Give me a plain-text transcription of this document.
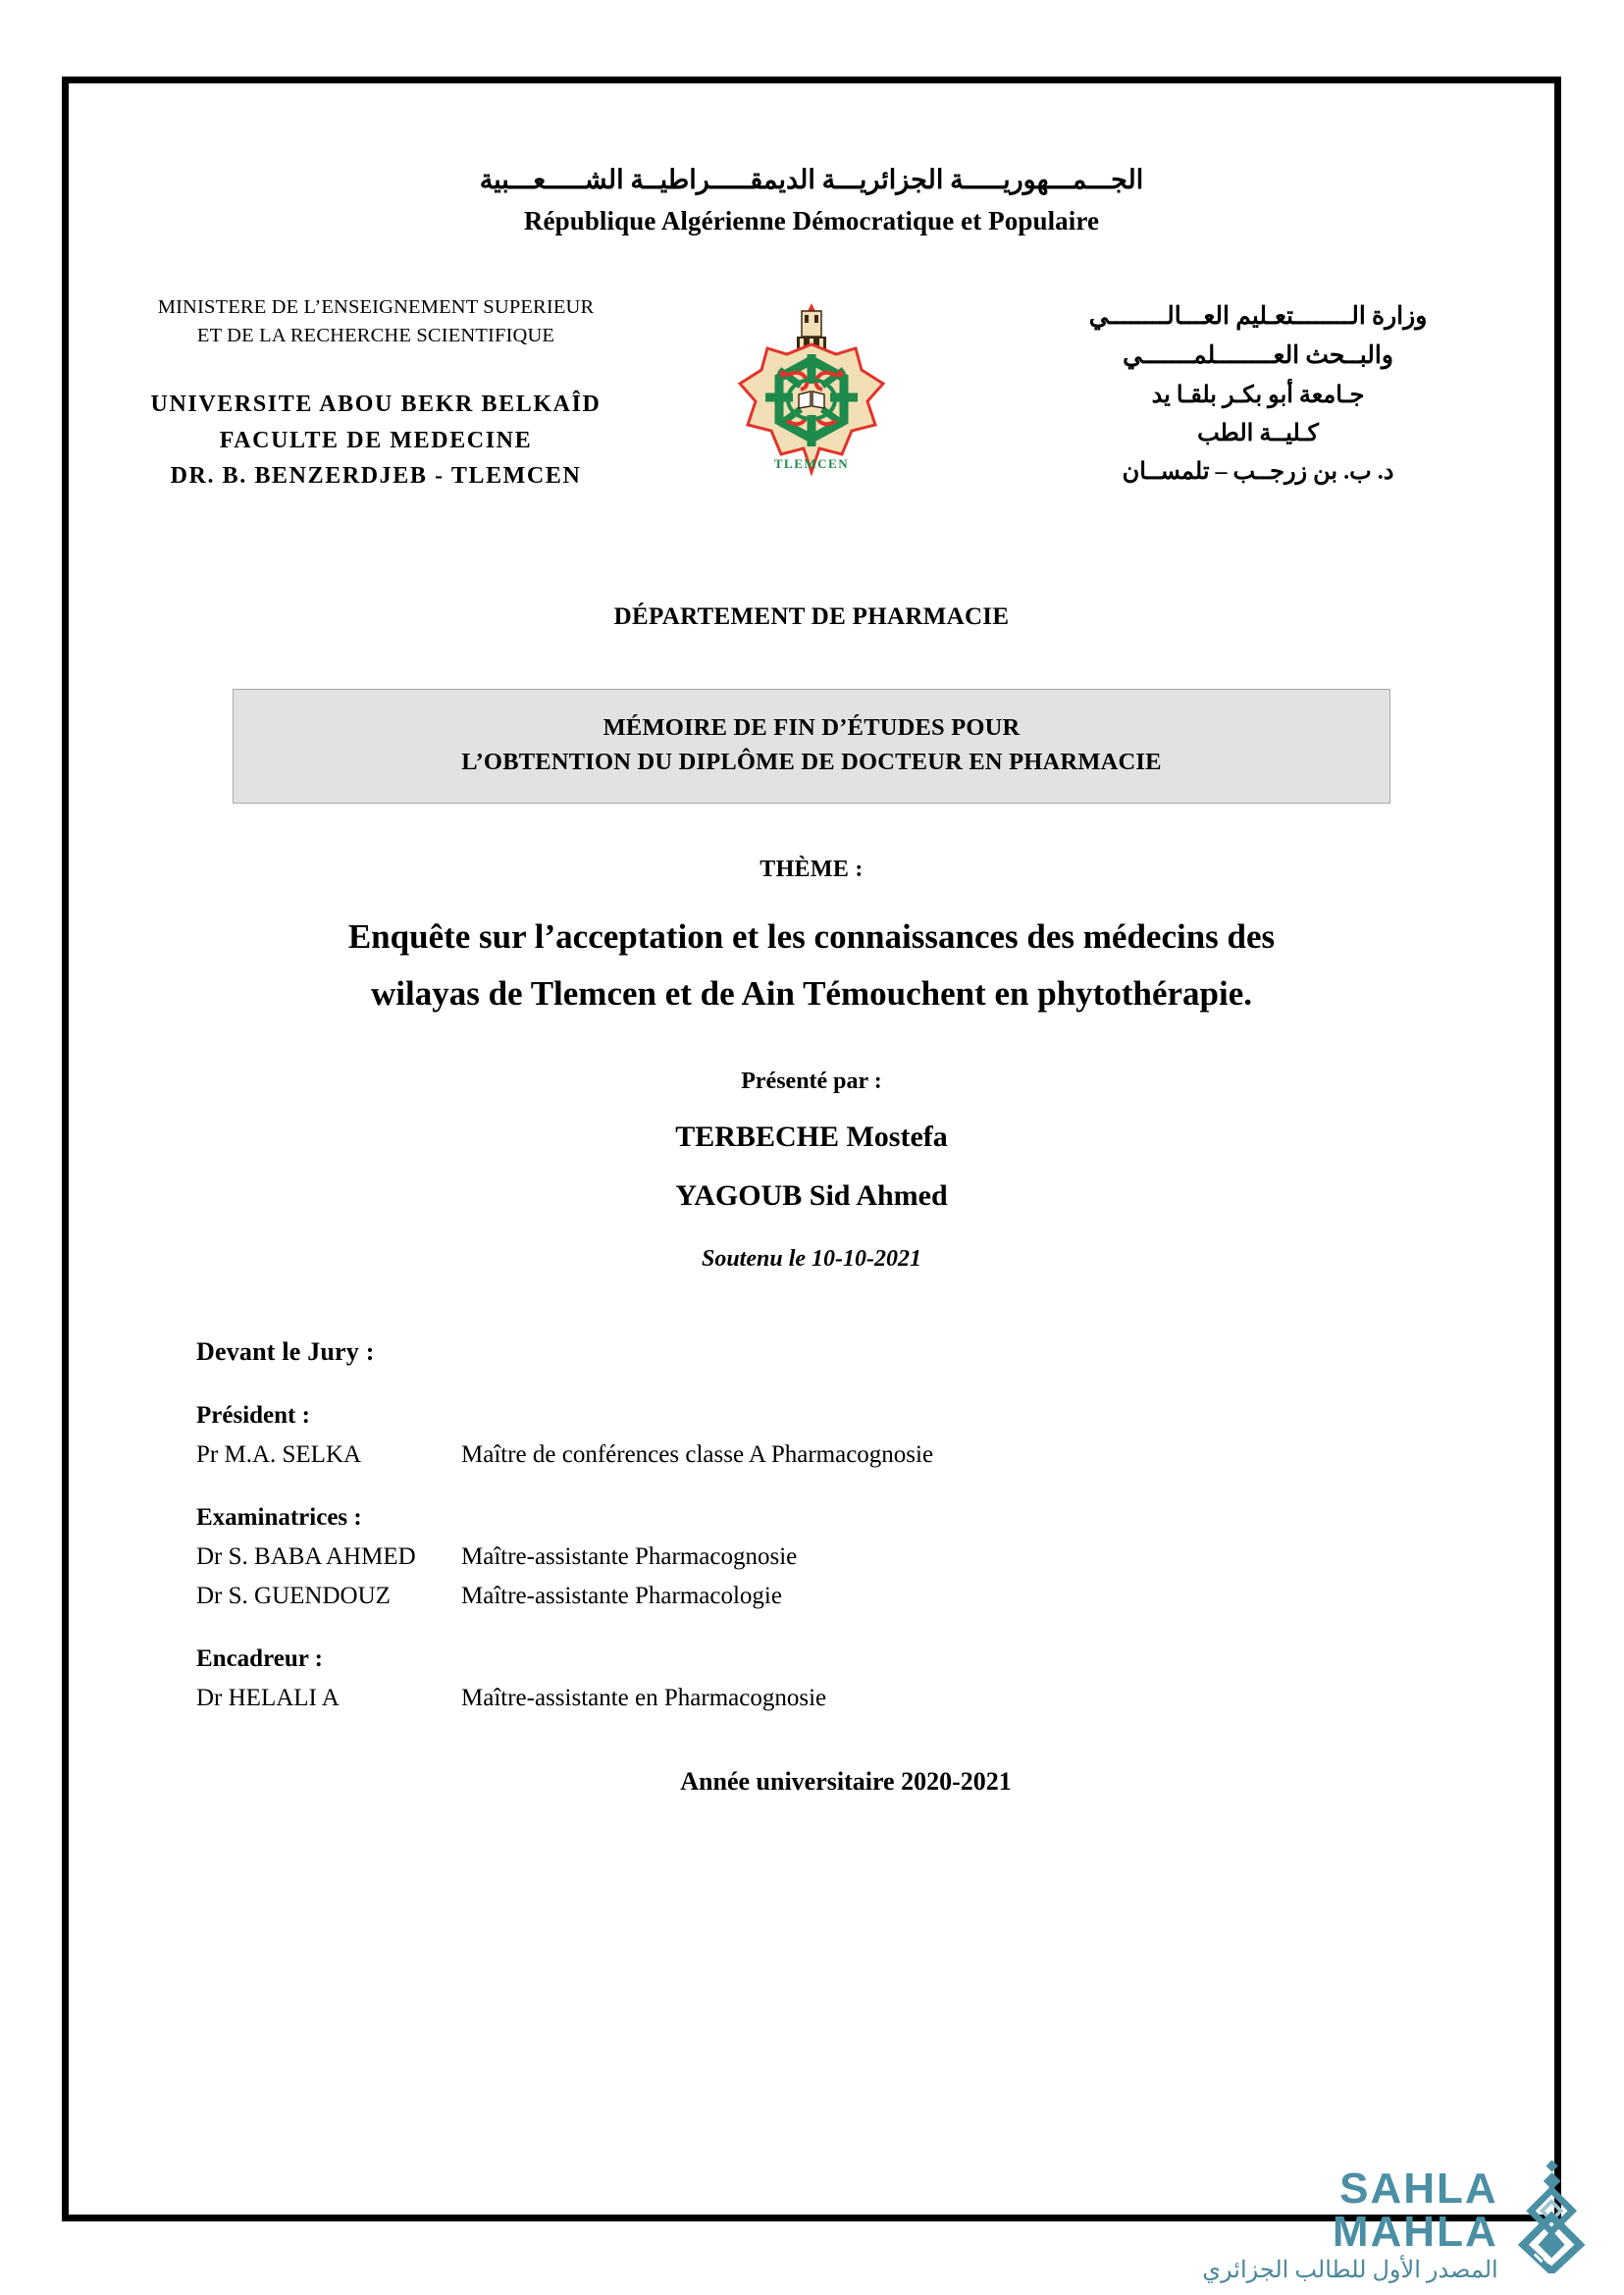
الجـــمـــهوريـــــة الجزائريـــة الديمقـــــراطيــة الشـــــعـــبية
République Algérienne Démocratique et Populaire
MINISTERE DE L’ENSEIGNEMENT SUPERIEUR
ET DE LA RECHERCHE SCIENTIFIQUE
UNIVERSITE ABOU BEKR BELKAÎD
FACULTE DE MEDECINE
DR. B. BENZERDJEB - TLEMCEN	TLEMCEN
وزارة الــــــــتعـليم العـــالــــــــي
والبــحث العــــــــلمـــــــي
جـامعة أبو بكـر بلقـا يد
كـليــة الطب
د. ب. بن زرجــب – تلمســان
DÉPARTEMENT DE PHARMACIE
MÉMOIRE DE FIN D’ÉTUDES POUR
L’OBTENTION DU DIPLÔME DE DOCTEUR EN PHARMACIE
THÈME :
Enquête sur l’acceptation et les connaissances des médecins des
wilayas de Tlemcen et de Ain Témouchent en phytothérapie.
Présenté par :
TERBECHE Mostefa
YAGOUB Sid Ahmed
Soutenu le 10-10-2021
Devant le Jury :
Président :
Pr M.A. SELKA	Maître de conférences classe A Pharmacognosie
Examinatrices :
Dr S. BABA AHMED	Maître-assistante Pharmacognosie
Dr S. GUENDOUZ	Maître-assistante Pharmacologie
Encadreur :
Dr HELALI A	Maître-assistante en Pharmacognosie
Année universitaire 2020-2021
SAHLA MAHLA
المصدر الأول للطالب الجزائري
